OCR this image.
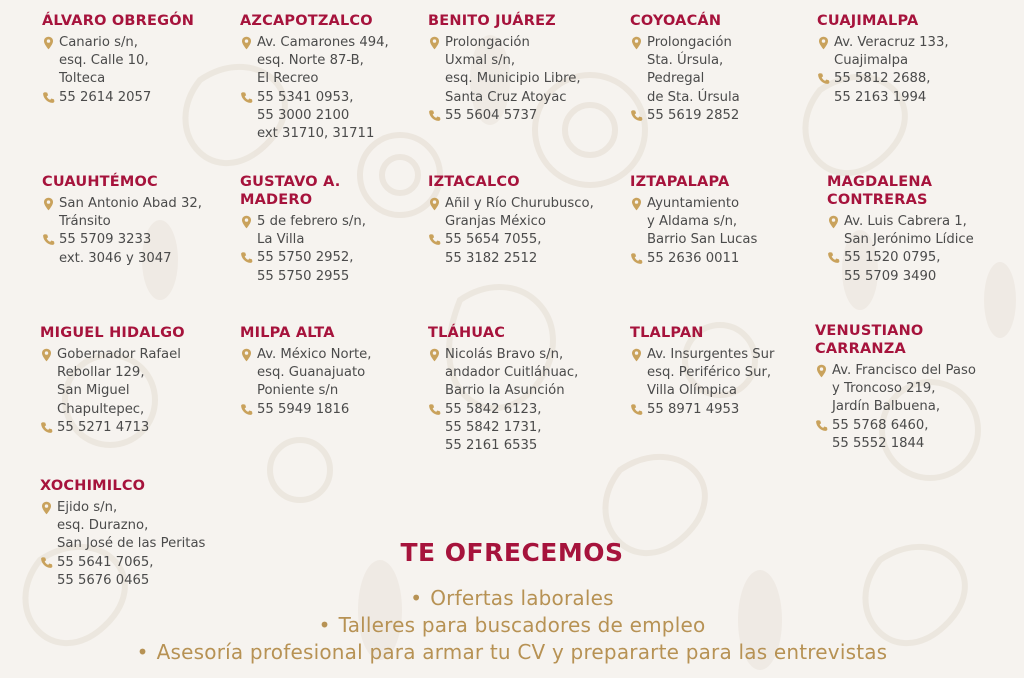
ÁLVARO OBREGÓN
Canario s/n,
esq. Calle 10,
Tolteca
55 2614 2057
AZCAPOTZALCO
Av. Camarones 494,
esq. Norte 87-B,
El Recreo
55 5341 0953,
55 3000 2100
ext 31710, 31711
BENITO JUÁREZ
Prolongación
Uxmal s/n,
esq. Municipio Libre,
Santa Cruz Atoyac
55 5604 5737
COYOACÁN
Prolongación
Sta. Úrsula,
Pedregal
de Sta. Úrsula
55 5619 2852
CUAJIMALPA
Av. Veracruz 133,
Cuajimalpa
55 5812 2688,
55 2163 1994
CUAUHTÉMOC
San Antonio Abad 32,
Tránsito
55 5709 3233
ext. 3046 y 3047
GUSTAVO A.
MADERO
5 de febrero s/n,
La Villa
55 5750 2952,
55 5750 2955
IZTACALCO
Añil y Río Churubusco,
Granjas México
55 5654 7055,
55 3182 2512
IZTAPALAPA
Ayuntamiento
y Aldama s/n,
Barrio San Lucas
55 2636 0011
MAGDALENA
CONTRERAS
Av. Luis Cabrera 1,
San Jerónimo Lídice
55 1520 0795,
55 5709 3490
MIGUEL HIDALGO
Gobernador Rafael
Rebollar 129,
San Miguel
Chapultepec,
55 5271 4713
MILPA ALTA
Av. México Norte,
esq. Guanajuato
Poniente s/n
55 5949 1816
TLÁHUAC
Nicolás Bravo s/n,
andador Cuitláhuac,
Barrio la Asunción
55 5842 6123,
55 5842 1731,
55 2161 6535
TLALPAN
Av. Insurgentes Sur
esq. Periférico Sur,
Villa Olímpica
55 8971 4953
VENUSTIANO
CARRANZA
Av. Francisco del Paso
y Troncoso 219,
Jardín Balbuena,
55 5768 6460,
55 5552 1844
XOCHIMILCO
Ejido s/n,
esq. Durazno,
San José de las Peritas
55 5641 7065,
55 5676 0465
TE OFRECEMOS
• Orfertas laborales
• Talleres para buscadores de empleo
• Asesoría profesional para armar tu CV y prepararte para las entrevistas
